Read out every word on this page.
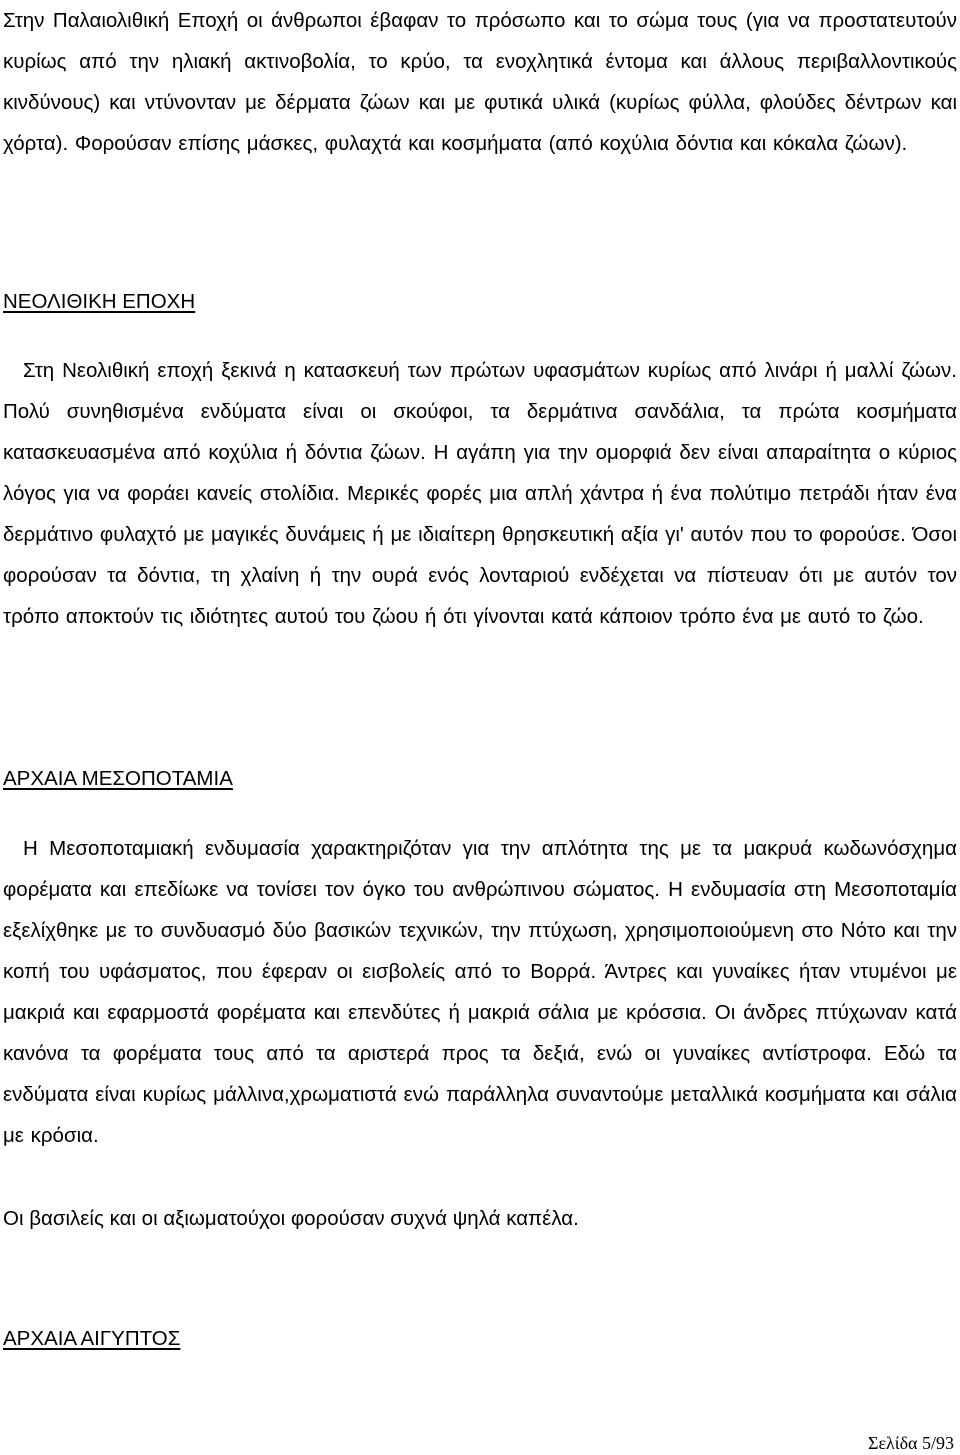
Στην Παλαιολιθική Εποχή οι άνθρωποι έβαφαν το πρόσωπο και το σώμα τους (για να προστατευτούν κυρίως από την ηλιακή ακτινοβολία, το κρύο, τα ενοχλητικά έντομα και άλλους περιβαλλοντικούς κινδύνους) και ντύνονταν με δέρματα ζώων και με φυτικά υλικά (κυρίως φύλλα, φλούδες δέντρων και χόρτα). Φορούσαν επίσης μάσκες, φυλαχτά και κοσμήματα (από κοχύλια δόντια και κόκαλα ζώων).

ΝΕΟΛΙΘΙΚΗ ΕΠΟΧΗ

Στη Νεολιθική εποχή ξεκινά η κατασκευή των πρώτων υφασμάτων κυρίως από λινάρι ή μαλλί ζώων. Πολύ συνηθισμένα ενδύματα είναι οι σκούφοι, τα δερμάτινα σανδάλια, τα πρώτα κοσμήματα κατασκευασμένα από κοχύλια ή δόντια ζώων. Η αγάπη για την ομορφιά δεν είναι απαραίτητα ο κύριος λόγος για να φοράει κανείς στολίδια. Μερικές φορές μια απλή χάντρα ή ένα πολύτιμο πετράδι ήταν ένα δερμάτινο φυλαχτό με μαγικές δυνάμεις ή με ιδιαίτερη θρησκευτική αξία γι' αυτόν που το φορούσε. Όσοι φορούσαν τα δόντια, τη χλαίνη ή την ουρά ενός λονταριού ενδέχεται να πίστευαν ότι με αυτόν τον τρόπο αποκτούν τις ιδιότητες αυτού του ζώου ή ότι γίνονται κατά κάποιον τρόπο ένα με αυτό το ζώο.

ΑΡΧΑΙΑ ΜΕΣΟΠΟΤΑΜΙΑ

Η Μεσοποταμιακή ενδυμασία χαρακτηριζόταν για την απλότητα της με τα μακρυά κωδωνόσχημα φορέματα και επεδίωκε να τονίσει τον όγκο του ανθρώπινου σώματος. Η ενδυμασία στη Μεσοποταμία εξελίχθηκε με το συνδυασμό δύο βασικών τεχνικών, την πτύχωση, χρησιμοποιούμενη στο Νότο και την κοπή του υφάσματος, που έφεραν οι εισβολείς από το Βορρά. Άντρες και γυναίκες ήταν ντυμένοι με μακριά και εφαρμοστά φορέματα και επενδύτες ή μακριά σάλια με κρόσσια. Οι άνδρες πτύχωναν κατά κανόνα τα φορέματα τους από τα αριστερά προς τα δεξιά, ενώ οι γυναίκες αντίστροφα. Εδώ τα ενδύματα είναι κυρίως μάλλινα,χρωματιστά ενώ παράλληλα συναντούμε μεταλλικά κοσμήματα και σάλια με κρόσια.

Οι βασιλείς και οι αξιωματούχοι φορούσαν συχνά ψηλά καπέλα.

ΑΡΧΑΙΑ ΑΙΓΥΠΤΟΣ
Σελίδα 5/93
